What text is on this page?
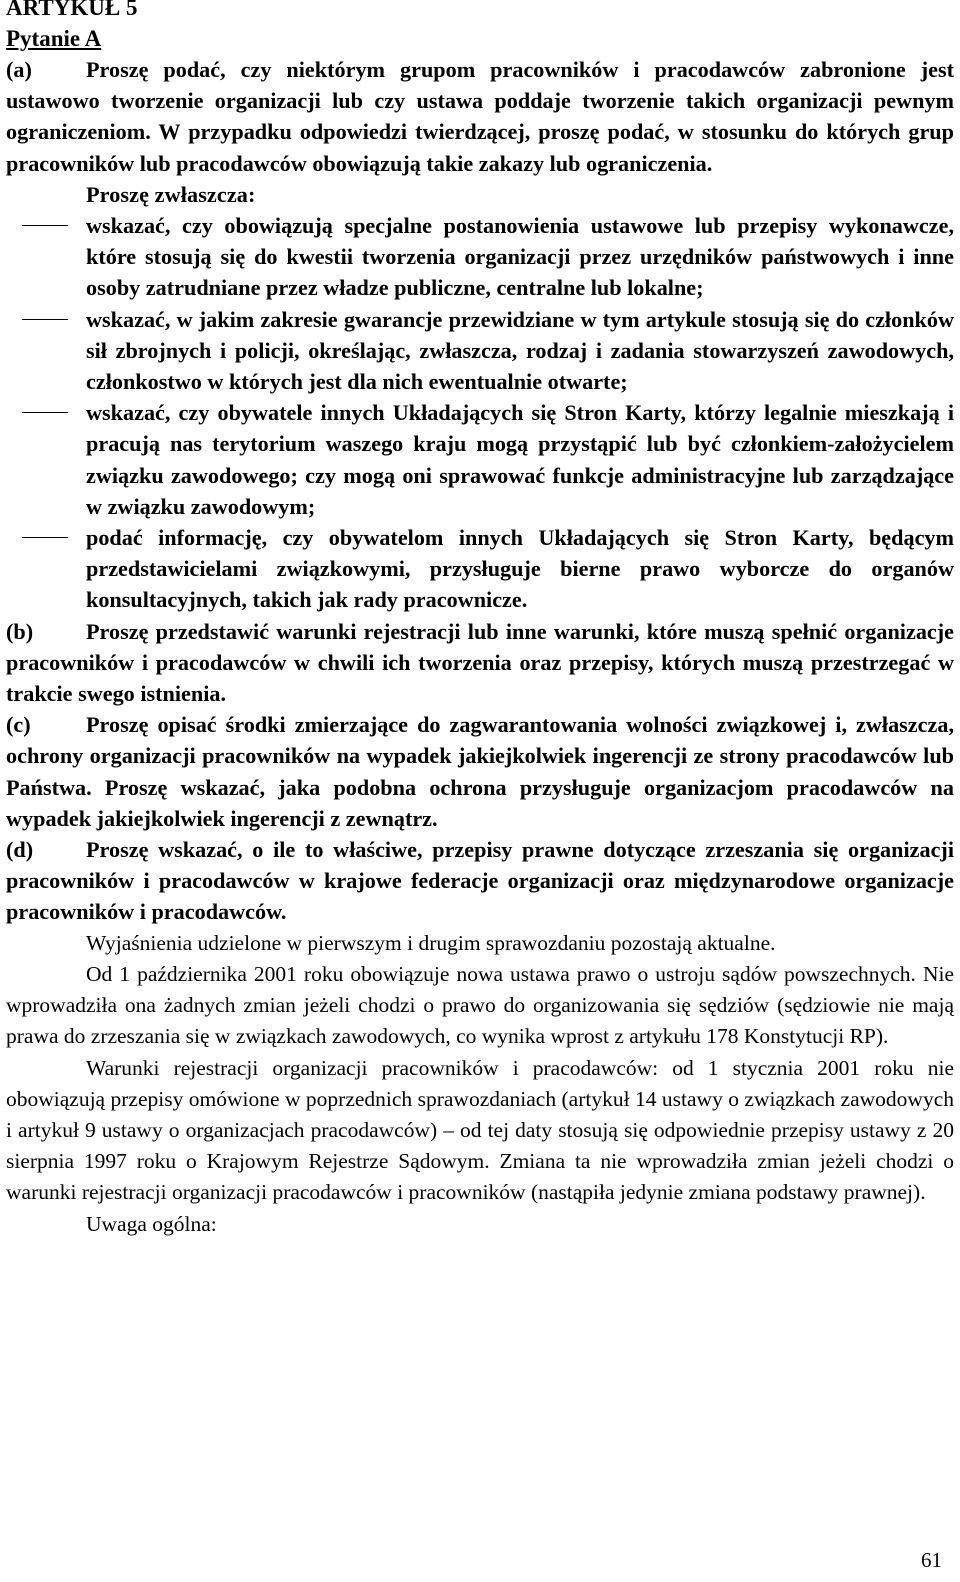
ARTYKUŁ 5

Pytanie A

(a) Proszę podać, czy niektórym grupom pracowników i pracodawców zabronione jest ustawowo tworzenie organizacji lub czy ustawa poddaje tworzenie takich organizacji pewnym ograniczeniom. W przypadku odpowiedzi twierdzącej, proszę podać, w stosunku do których grup pracowników lub pracodawców obowiązują takie zakazy lub ograniczenia.

Proszę zwłaszcza:

wskazać, czy obowiązują specjalne postanowienia ustawowe lub przepisy wykonawcze, które stosują się do kwestii tworzenia organizacji przez urzędników państwowych i inne osoby zatrudniane przez władze publiczne, centralne lub lokalne;

wskazać, w jakim zakresie gwarancje przewidziane w tym artykule stosują się do członków sił zbrojnych i policji, określając, zwłaszcza, rodzaj i zadania stowarzyszeń zawodowych, członkostwo w których jest dla nich ewentualnie otwarte;

wskazać, czy obywatele innych Układających się Stron Karty, którzy legalnie mieszkają i pracują nas terytorium waszego kraju mogą przystąpić lub być członkiem-założycielem związku zawodowego; czy mogą oni sprawować funkcje administracyjne lub zarządzające w związku zawodowym;

podać informację, czy obywatelom innych Układających się Stron Karty, będącym przedstawicielami związkowymi, przysługuje bierne prawo wyborcze do organów konsultacyjnych, takich jak rady pracownicze.

(b) Proszę przedstawić warunki rejestracji lub inne warunki, które muszą spełnić organizacje pracowników i pracodawców w chwili ich tworzenia oraz przepisy, których muszą przestrzegać w trakcie swego istnienia.

(c) Proszę opisać środki zmierzające do zagwarantowania wolności związkowej i, zwłaszcza, ochrony organizacji pracowników na wypadek jakiejkolwiek ingerencji ze strony pracodawców lub Państwa. Proszę wskazać, jaka podobna ochrona przysługuje organizacjom pracodawców na wypadek jakiejkolwiek ingerencji z zewnątrz.

(d) Proszę wskazać, o ile to właściwe, przepisy prawne dotyczące zrzeszania się organizacji pracowników i pracodawców w krajowe federacje organizacji oraz międzynarodowe organizacje pracowników i pracodawców.

Wyjaśnienia udzielone w pierwszym i drugim sprawozdaniu pozostają aktualne.

Od 1 października 2001 roku obowiązuje nowa ustawa prawo o ustroju sądów powszechnych. Nie wprowadziła ona żadnych zmian jeżeli chodzi o prawo do organizowania się sędziów (sędziowie nie mają prawa do zrzeszania się w związkach zawodowych, co wynika wprost z artykułu 178 Konstytucji RP).

Warunki rejestracji organizacji pracowników i pracodawców: od 1 stycznia 2001 roku nie obowiązują przepisy omówione w poprzednich sprawozdaniach (artykuł 14 ustawy o związkach zawodowych i artykuł 9 ustawy o organizacjach pracodawców) – od tej daty stosują się odpowiednie przepisy ustawy z 20 sierpnia 1997 roku o Krajowym Rejestrze Sądowym. Zmiana ta nie wprowadziła zmian jeżeli chodzi o warunki rejestracji organizacji pracodawców i pracowników (nastąpiła jedynie zmiana podstawy prawnej).

Uwaga ogólna:

61
